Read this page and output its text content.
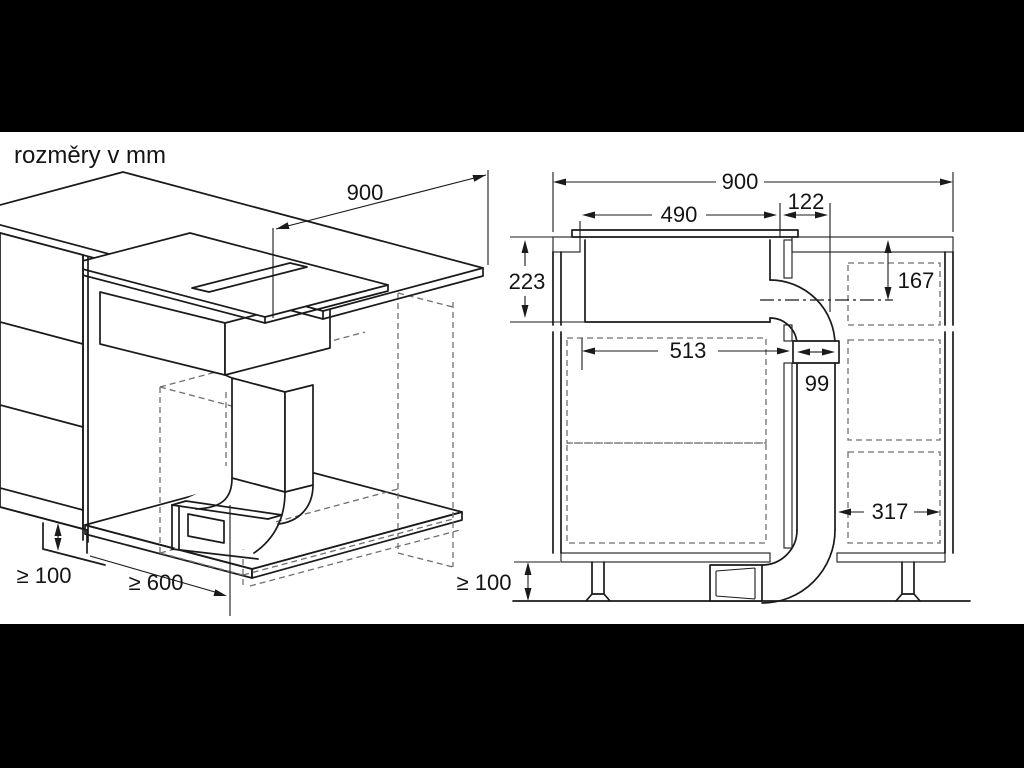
rozměry v mm
900
≥ 100	≥ 600
900
490
122
223	167
513
99
317
≥ 100
